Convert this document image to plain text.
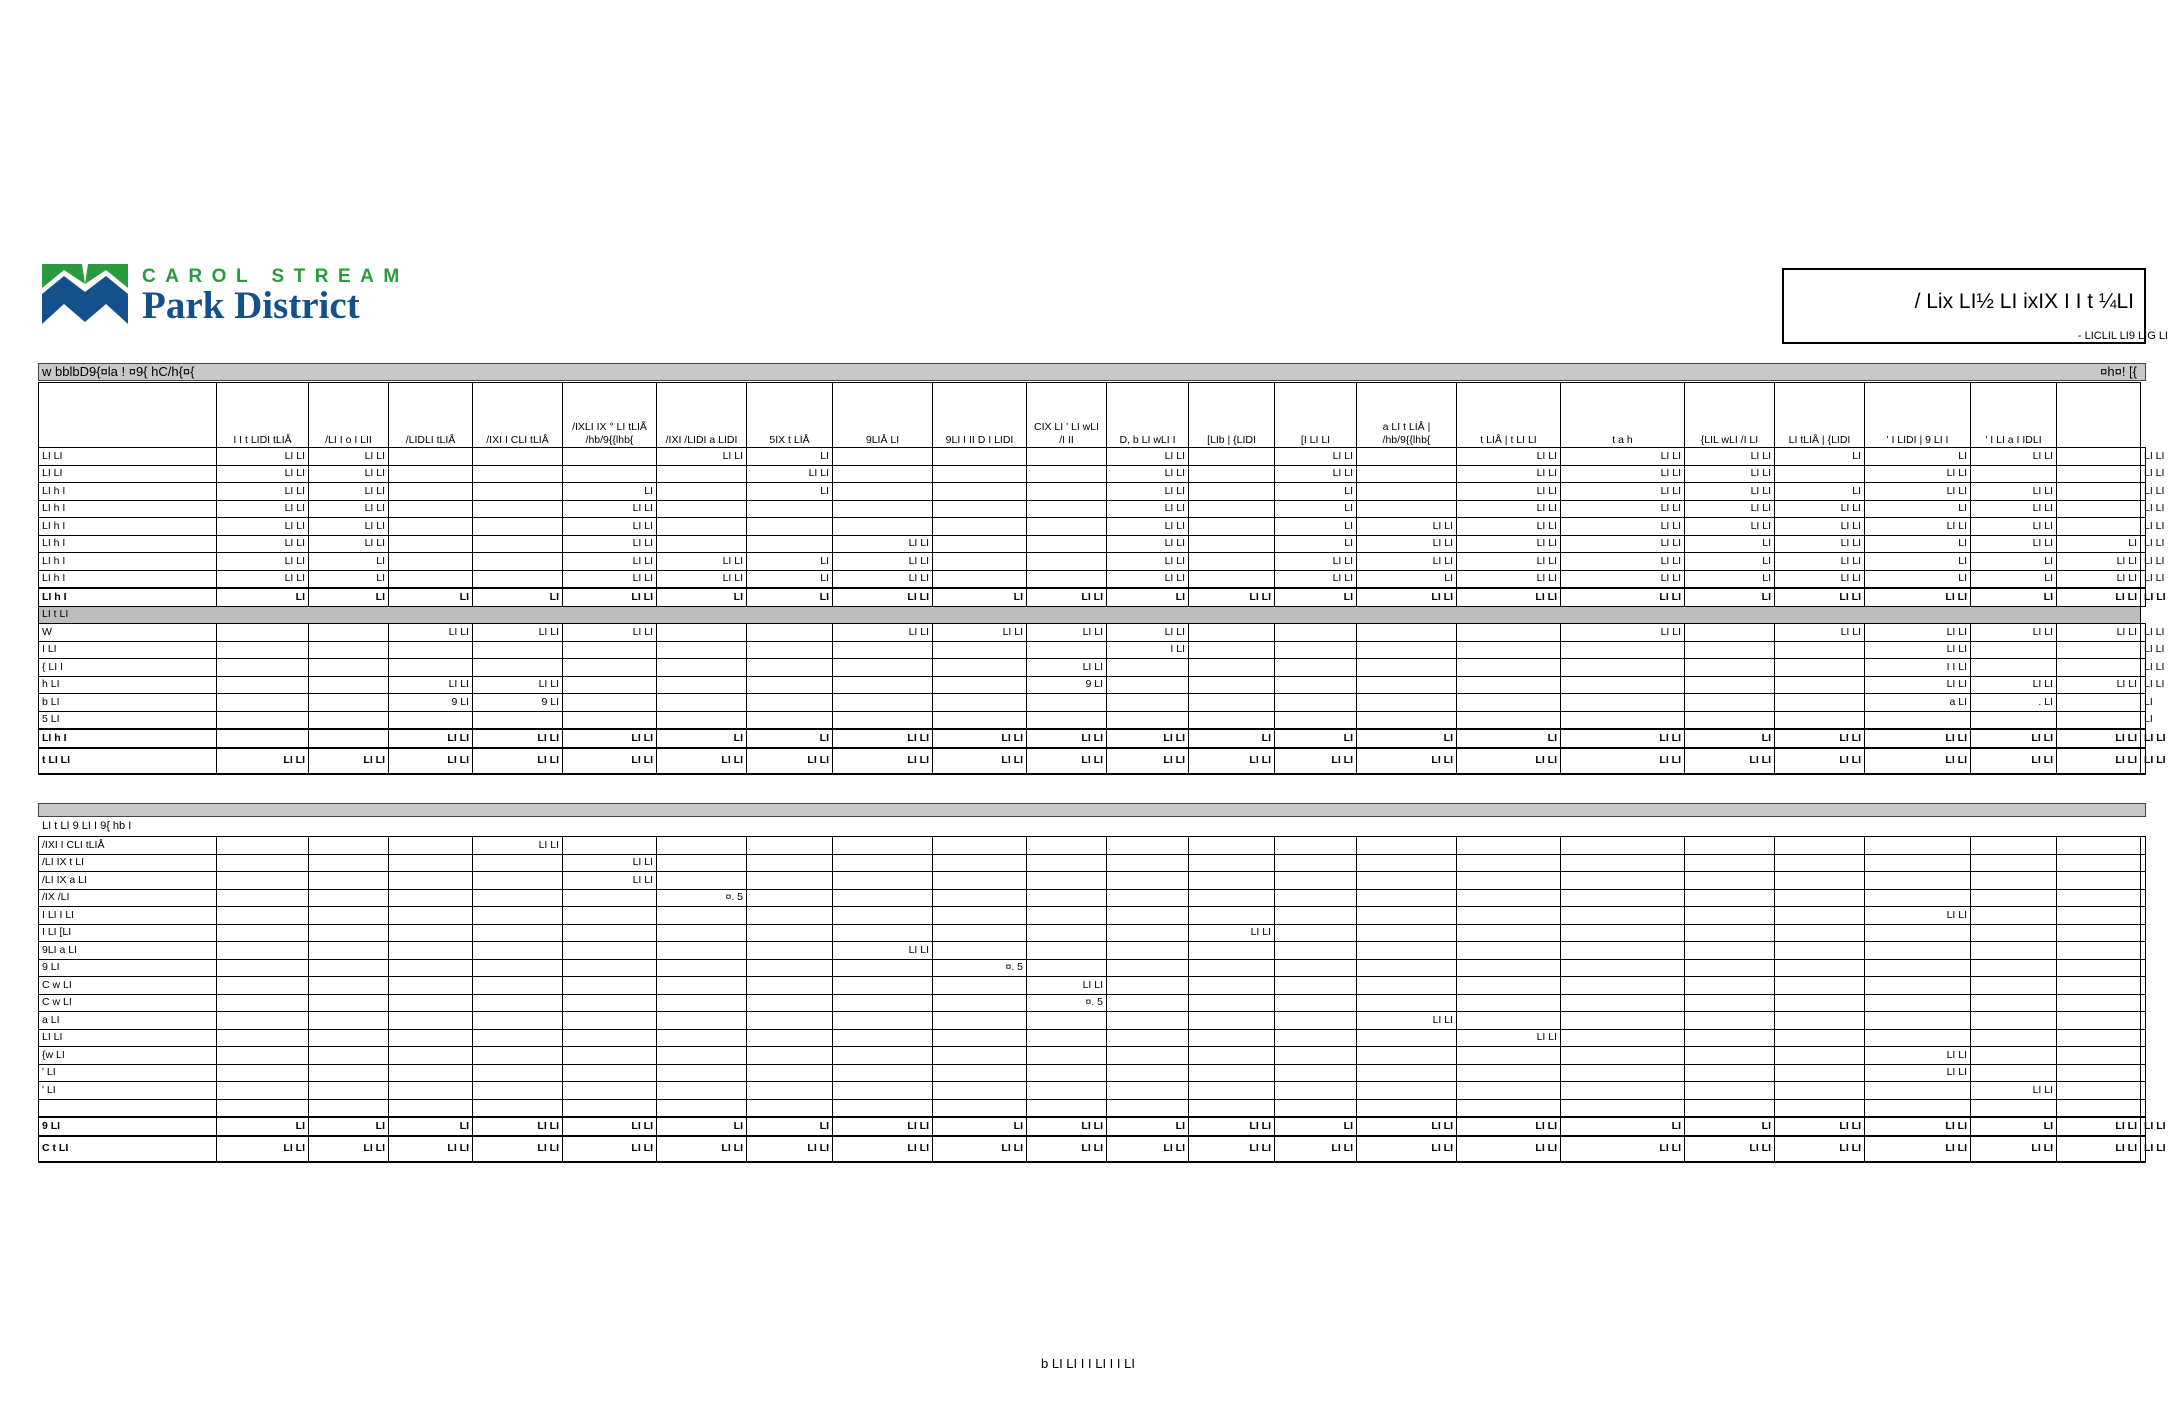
CAROL STREAM
Park District	/ Lix LI½ LI ixIX I I t ¼LI
- LICLIL LI9 LIG LI
w bblbD9{¤la ! ¤9{ hC/h{¤{	¤h¤! [{
	I I t LIDI tLIÅ	/LI I o I LII	/LIDLI tLIÅ	/IXI I CLI tLIÅ	/IXLI IX ° LI tLIÅ /hb/9{{lhb{	/IXI /LIDI a LIDI	5IX t LIÅ	9LIÅ LI	9LI I II D I LIDI	CIX LI ' LI wLI /I II	D, b LI wLI I	[LIb | {LIDI	[I LI LI	a LI t LIÅ | /hb/9{{lhb{	t LIÅ | t LI LI	t a h	{LIL wLI /I LI	LI tLIÅ | {LIDI	' I LIDI | 9 LI I	' I LI a I IDLI		
LI LI	LI LI	LI LI				LI LI	LI				LI LI		LI LI		LI LI	LI LI	LI LI	LI	LI	LI LI		LI LI
LI LI	LI LI	LI LI					LI LI				LI LI		LI LI		LI LI	LI LI	LI LI		LI LI			LI LI
LI h I	LI LI	LI LI			LI		LI				LI LI		LI		LI LI	LI LI	LI LI	LI	LI LI	LI LI		LI LI
LI h I	LI LI	LI LI			LI LI						LI LI		LI		LI LI	LI LI	LI LI	LI LI	LI	LI LI		LI LI
LI h I	LI LI	LI LI			LI LI						LI LI		LI	LI LI	LI LI	LI LI	LI LI	LI LI	LI LI	LI LI		LI LI
LI h I	LI LI	LI LI			LI LI			LI LI			LI LI		LI	LI LI	LI LI	LI LI	LI	LI LI	LI	LI LI	LI	LI LI
LI h I	LI LI	LI			LI LI	LI LI	LI	LI LI			LI LI		LI LI	LI LI	LI LI	LI LI	LI	LI LI	LI	LI	LI LI	LI LI
LI h I	LI LI	LI			LI LI	LI LI	LI	LI LI			LI LI		LI LI	LI	LI LI	LI LI	LI	LI LI	LI	LI	LI LI	LI LI
LI h I	LI	LI	LI	LI	LI LI	LI	LI	LI LI	LI	LI LI	LI	LI LI	LI	LI LI	LI LI	LI LI	LI	LI LI	LI LI	LI	LI LI	LI LI
LI t LI																						
W			LI LI	LI LI	LI LI			LI LI	LI LI	LI LI	LI LI					LI LI		LI LI	LI LI	LI LI	LI LI	LI LI
I LI											I LI								LI LI			LI LI
{ LI I										LI LI									I I LI			LI LI
h LI			LI LI	LI LI						9 LI									LI LI	LI LI	LI LI	LI LI
b LI			9 LI	9 LI															a LI	. LI		LI
5 LI																						LI
LI h I			LI LI	LI LI	LI LI	LI	LI	LI LI	LI LI	LI LI	LI LI	LI	LI	LI	LI	LI LI	LI	LI LI	LI LI	LI LI	LI LI	LI LI
t LI LI	LI LI	LI LI	LI LI	LI LI	LI LI	LI LI	LI LI	LI LI	LI LI	LI LI	LI LI	LI LI	LI LI	LI LI	LI LI	LI LI	LI LI	LI LI	LI LI	LI LI	LI LI	LI LI
LI t LI 9 LI I 9{ hb I
/IXI I CLI tLIÅ				LI LI																		
/LI IX t LI					LI LI																	
/LI IX a LI					LI LI																	
/IX /LI						¤. 5																
I LI I LI																			LI LI			
I LI [LI												LI LI										
9LI a LI								LI LI														
9 LI									¤. 5													
C w LI										LI LI												
C w LI										¤. 5												
a LI														LI LI								
LI LI															LI LI							
{w LI																			LI LI			
' LI																			LI LI			
' LI																				LI LI		

9 LI	LI	LI	LI	LI LI	LI LI	LI	LI	LI LI	LI	LI LI	LI	LI LI	LI	LI LI	LI LI	LI	LI	LI LI	LI LI	LI	LI LI	LI LI
C t LI	LI LI	LI LI	LI LI	LI LI	LI LI	LI LI	LI LI	LI LI	LI LI	LI LI	LI LI	LI LI	LI LI	LI LI	LI LI	LI LI	LI LI	LI LI	LI LI	LI LI	LI LI	LI LI
b LI LI I I LI I I LI
